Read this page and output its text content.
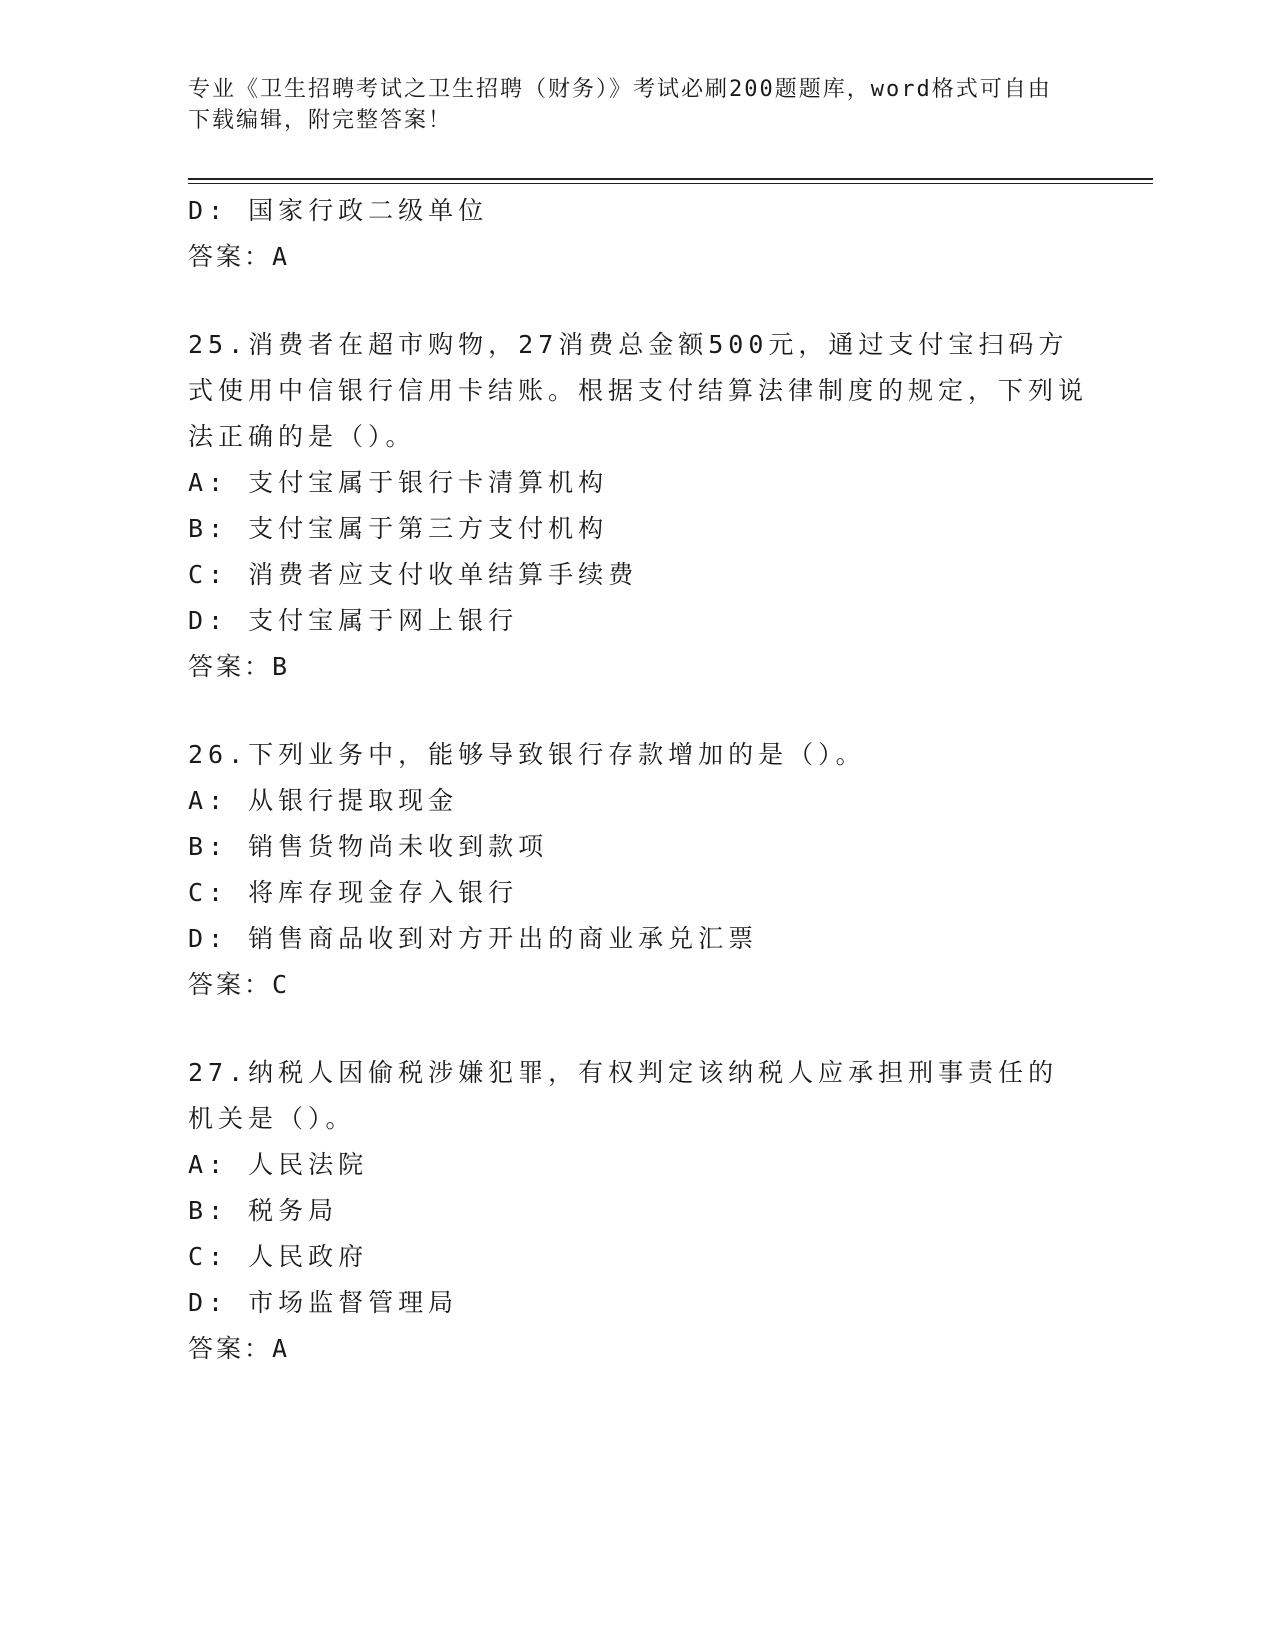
专业《卫生招聘考试之卫生招聘（财务）》考试必刷200题题库，word格式可自由下载编辑，附完整答案！

D: 国家行政二级单位

答案：A

25.消费者在超市购物，27消费总金额500元，通过支付宝扫码方式使用中信银行信用卡结账。根据支付结算法律制度的规定，下列说法正确的是（）。

A: 支付宝属于银行卡清算机构

B: 支付宝属于第三方支付机构

C: 消费者应支付收单结算手续费

D: 支付宝属于网上银行

答案：B

26.下列业务中，能够导致银行存款增加的是（）。

A: 从银行提取现金

B: 销售货物尚未收到款项

C: 将库存现金存入银行

D: 销售商品收到对方开出的商业承兑汇票

答案：C

27.纳税人因偷税涉嫌犯罪，有权判定该纳税人应承担刑事责任的机关是（）。

A: 人民法院

B: 税务局

C: 人民政府

D: 市场监督管理局

答案：A
